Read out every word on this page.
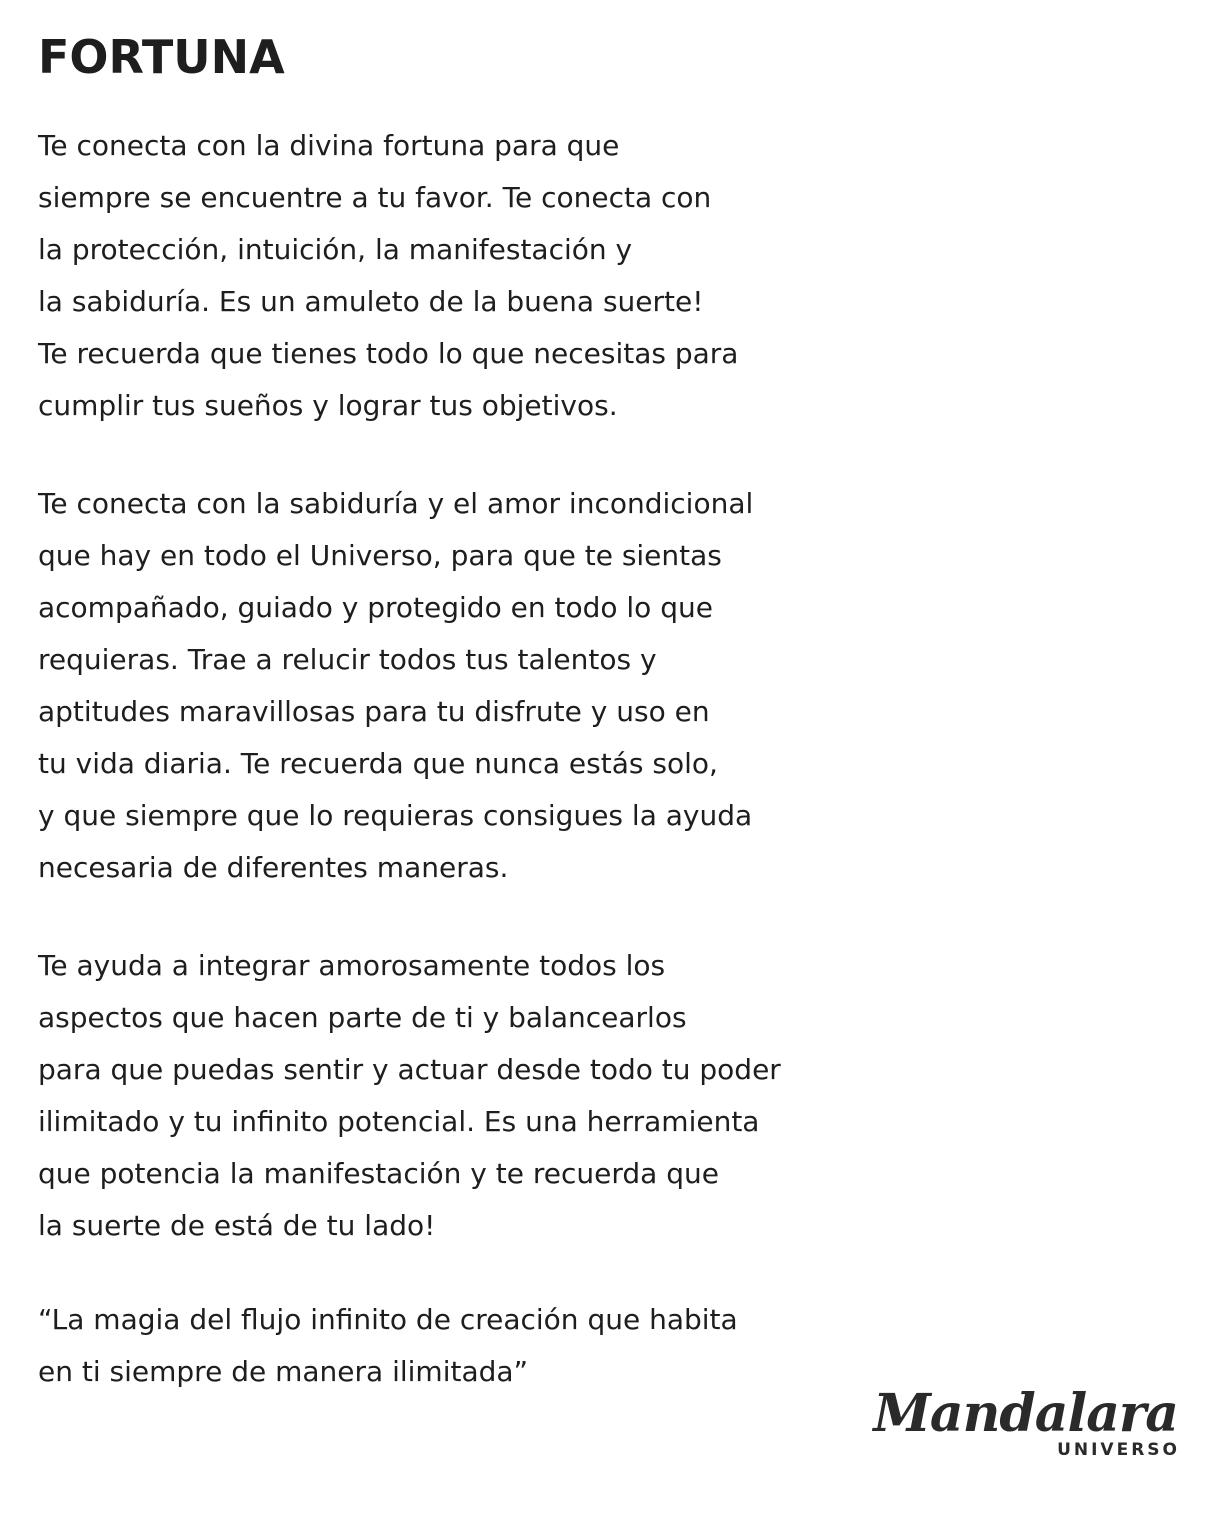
FORTUNA
Te conecta con la divina fortuna para que
siempre se encuentre a tu favor. Te conecta con
la protección, intuición, la manifestación y
la sabiduría. Es un amuleto de la buena suerte!
Te recuerda que tienes todo lo que necesitas para
cumplir tus sueños y lograr tus objetivos.
Te conecta con la sabiduría y el amor incondicional
que hay en todo el Universo, para que te sientas
acompañado, guiado y protegido en todo lo que
requieras. Trae a relucir todos tus talentos y
aptitudes maravillosas para tu disfrute y uso en
tu vida diaria. Te recuerda que nunca estás solo,
y que siempre que lo requieras consigues la ayuda
necesaria de diferentes maneras.
Te ayuda a integrar amorosamente todos los
aspectos que hacen parte de ti y balancearlos
para que puedas sentir y actuar desde todo tu poder
ilimitado y tu infinito potencial. Es una herramienta
que potencia la manifestación y te recuerda que
la suerte de está de tu lado!
“La magia del flujo infinito de creación que habita
en ti siempre de manera ilimitada”
Mandalara
UNIVERSO
